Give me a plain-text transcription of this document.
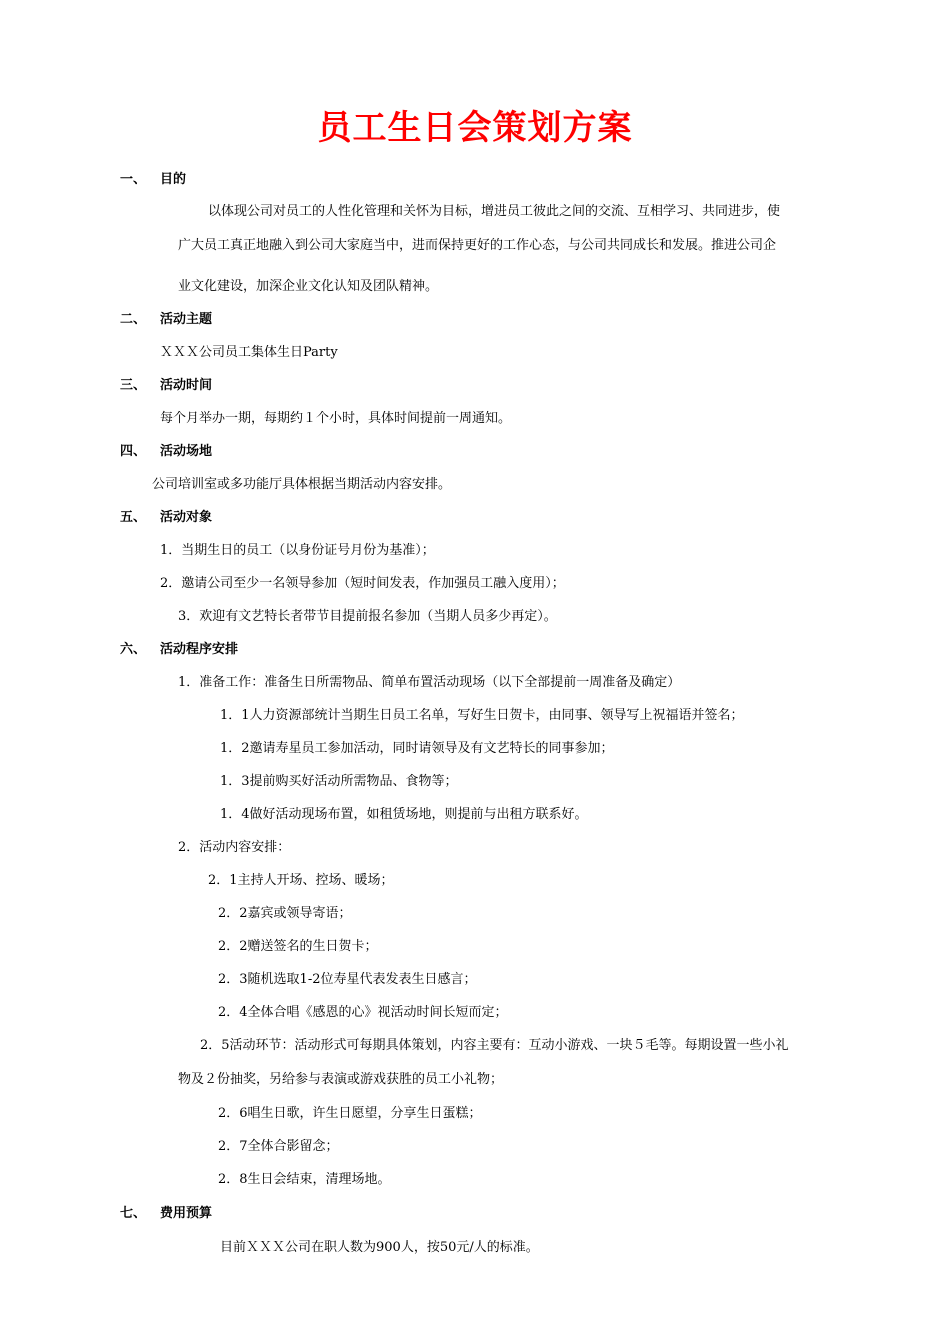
员工生日会策划方案
一、 目的
以体现公司对员工的人性化管理和关怀为目标，增进员工彼此之间的交流、互相学习、共同进步，使
广大员工真正地融入到公司大家庭当中，进而保持更好的工作心态，与公司共同成长和发展。推进公司企
业文化建设，加深企业文化认知及团队精神。
二、 活动主题
ＸＸＸ公司员工集体生日Party
三、 活动时间
每个月举办一期，每期约１个小时，具体时间提前一周通知。
四、 活动场地
公司培训室或多功能厅具体根据当期活动内容安排。
五、 活动对象
1．当期生日的员工（以身份证号月份为基准）；
2．邀请公司至少一名领导参加（短时间发表，作加强员工融入度用）；
3．欢迎有文艺特长者带节目提前报名参加（当期人员多少再定）。
六、 活动程序安排
1．准备工作：准备生日所需物品、简单布置活动现场（以下全部提前一周准备及确定）
1．1人力资源部统计当期生日员工名单，写好生日贺卡，由同事、领导写上祝福语并签名；
1．2邀请寿星员工参加活动，同时请领导及有文艺特长的同事参加；
1．3提前购买好活动所需物品、食物等；
1．4做好活动现场布置，如租赁场地，则提前与出租方联系好。
2．活动内容安排：
2．1主持人开场、控场、暖场；
2．2嘉宾或领导寄语；
2．2赠送签名的生日贺卡；
2．3随机选取1-2位寿星代表发表生日感言；
2．4全体合唱《感恩的心》视活动时间长短而定；
2．5活动环节：活动形式可每期具体策划，内容主要有：互动小游戏、一块５毛等。每期设置一些小礼
物及２份抽奖，另给参与表演或游戏获胜的员工小礼物；
2．6唱生日歌，许生日愿望，分享生日蛋糕；
2．7全体合影留念；
2．8生日会结束，清理场地。
七、 费用预算
目前ＸＸＸ公司在职人数为900人，按50元/人的标准。
